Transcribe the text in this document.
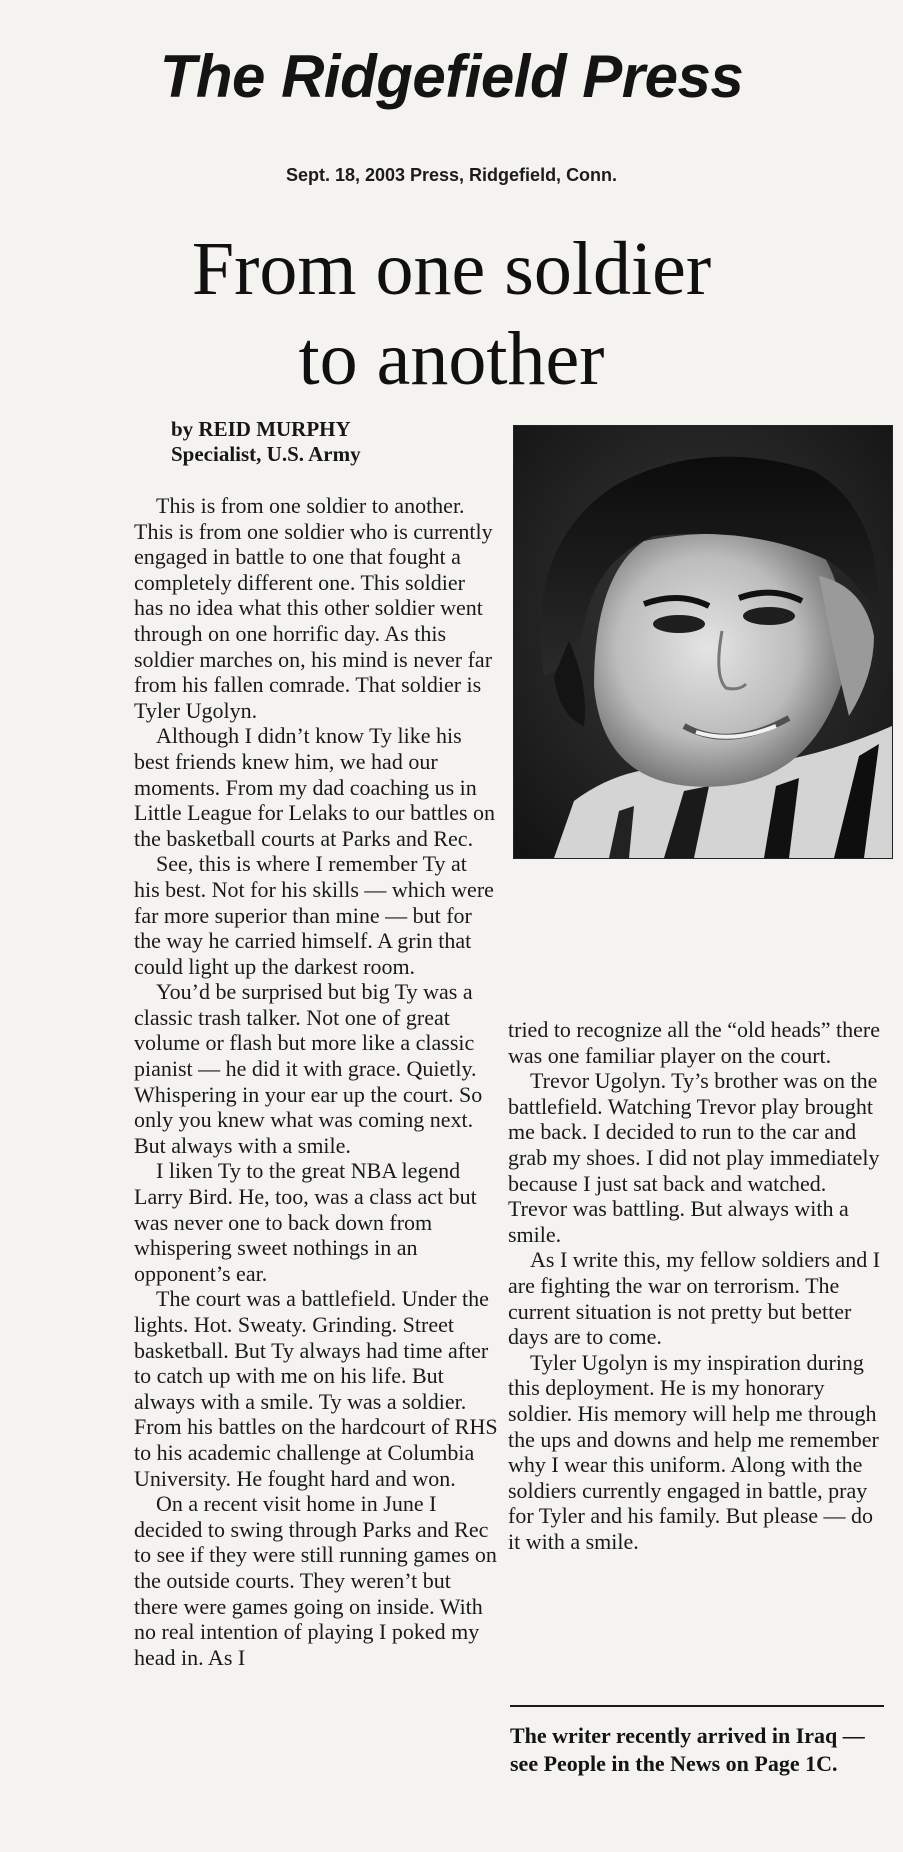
The Ridgefield Press
Sept. 18, 2003 Press, Ridgefield, Conn.
From one soldier
to another
by REID MURPHY
Specialist, U.S. Army

This is from one soldier to another. This is from one soldier who is currently engaged in battle to one that fought a completely different one. This soldier has no idea what this other soldier went through on one horrific day. As this soldier marches on, his mind is never far from his fallen comrade. That soldier is Tyler Ugolyn.

Although I didn’t know Ty like his best friends knew him, we had our moments. From my dad coaching us in Little League for Lelaks to our battles on the basketball courts at Parks and Rec.

See, this is where I remember Ty at his best. Not for his skills — which were far more superior than mine — but for the way he carried himself. A grin that could light up the darkest room.

You’d be surprised but big Ty was a classic trash talker. Not one of great volume or flash but more like a classic pianist — he did it with grace. Quietly. Whispering in your ear up the court. So only you knew what was coming next. But always with a smile.

I liken Ty to the great NBA legend Larry Bird. He, too, was a class act but was never one to back down from whispering sweet nothings in an opponent’s ear.

The court was a battlefield. Under the lights. Hot. Sweaty. Grinding. Street basketball. But Ty always had time after to catch up with me on his life. But always with a smile. Ty was a soldier. From his battles on the hardcourt of RHS to his academic challenge at Columbia University. He fought hard and won.

On a recent visit home in June I decided to swing through Parks and Rec to see if they were still running games on the outside courts. They weren’t but there were games going on inside. With no real intention of playing I poked my head in. As I

tried to recognize all the “old heads” there was one familiar player on the court.

Trevor Ugolyn. Ty’s brother was on the battlefield. Watching Trevor play brought me back. I decided to run to the car and grab my shoes. I did not play immediately because I just sat back and watched. Trevor was battling. But always with a smile.

As I write this, my fellow soldiers and I are fighting the war on terrorism. The current situation is not pretty but better days are to come.

Tyler Ugolyn is my inspiration during this deployment. He is my honorary soldier. His memory will help me through the ups and downs and help me remember why I wear this uniform. Along with the soldiers currently engaged in battle, pray for Tyler and his family. But please — do it with a smile.

The writer recently arrived in Iraq — see People in the News on Page 1C.
